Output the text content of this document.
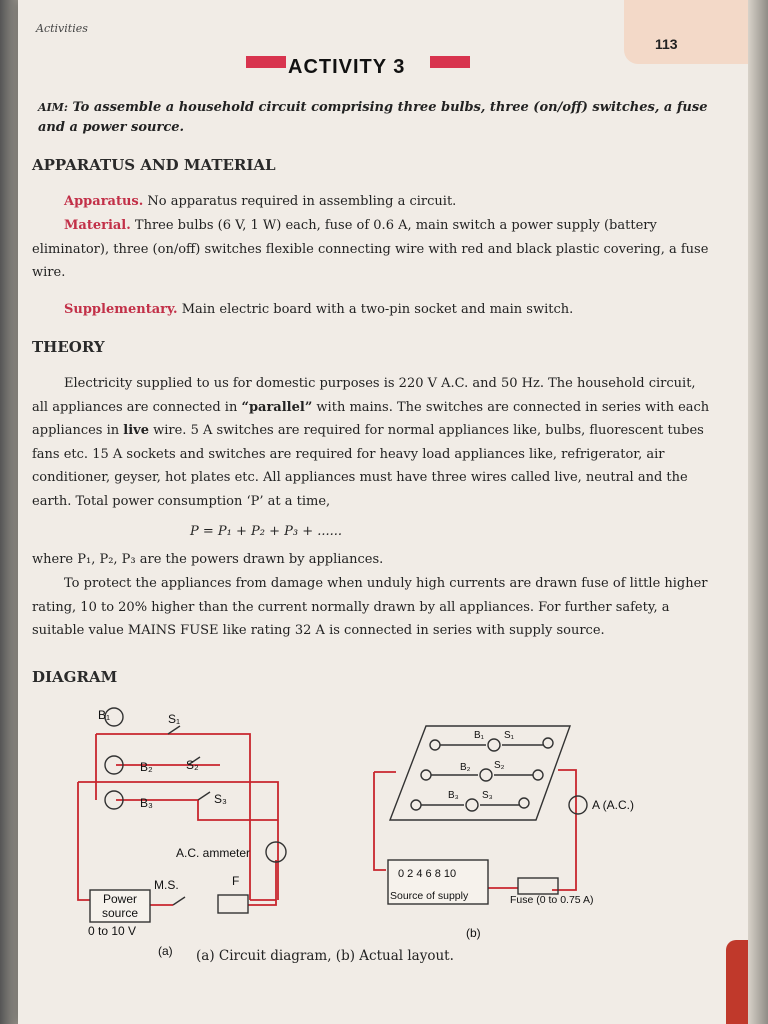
113
Activities
ACTIVITY 3
AIM: To assemble a household circuit comprising three bulbs, three (on/off) switches, a fuse and a power source.
APPARATUS AND MATERIAL
Apparatus. No apparatus required in assembling a circuit.
Material. Three bulbs (6 V, 1 W) each, fuse of 0.6 A, main switch a power supply (battery eliminator), three (on/off) switches flexible connecting wire with red and black plastic covering, a fuse wire.
Supplementary. Main electric board with a two-pin socket and main switch.
THEORY
Electricity supplied to us for domestic purposes is 220 V A.C. and 50 Hz. The household circuit, all appliances are connected in “parallel” with mains. The switches are connected in series with each appliances in live wire. 5 A switches are required for normal appliances like, bulbs, fluorescent tubes fans etc. 15 A sockets and switches are required for heavy load appliances like, refrigerator, air conditioner, geyser, hot plates etc. All appliances must have three wires called live, neutral and the earth. Total power consumption ‘P’ at a time,
P = P₁ + P₂ + P₃ + ......
where P₁, P₂, P₃ are the powers drawn by appliances.
To protect the appliances from damage when unduly high currents are drawn fuse of little higher rating, 10 to 20% higher than the current normally drawn by all appliances. For further safety, a suitable value MAINS FUSE like rating 32 A is connected in series with supply source.
DIAGRAM
B₁	S₁
B₂	S₂
B₃	S₃
A.C. ammeter
M.S.	F
Power source
0 to 10 V
(a)
B₁ S₁
B₂ S₂
B₃ S₃
A (A.C.)
0 2 4 6 8 10
Source of supply	Fuse (0 to 0.75 A)
(b)
(a) Circuit diagram, (b) Actual layout.
